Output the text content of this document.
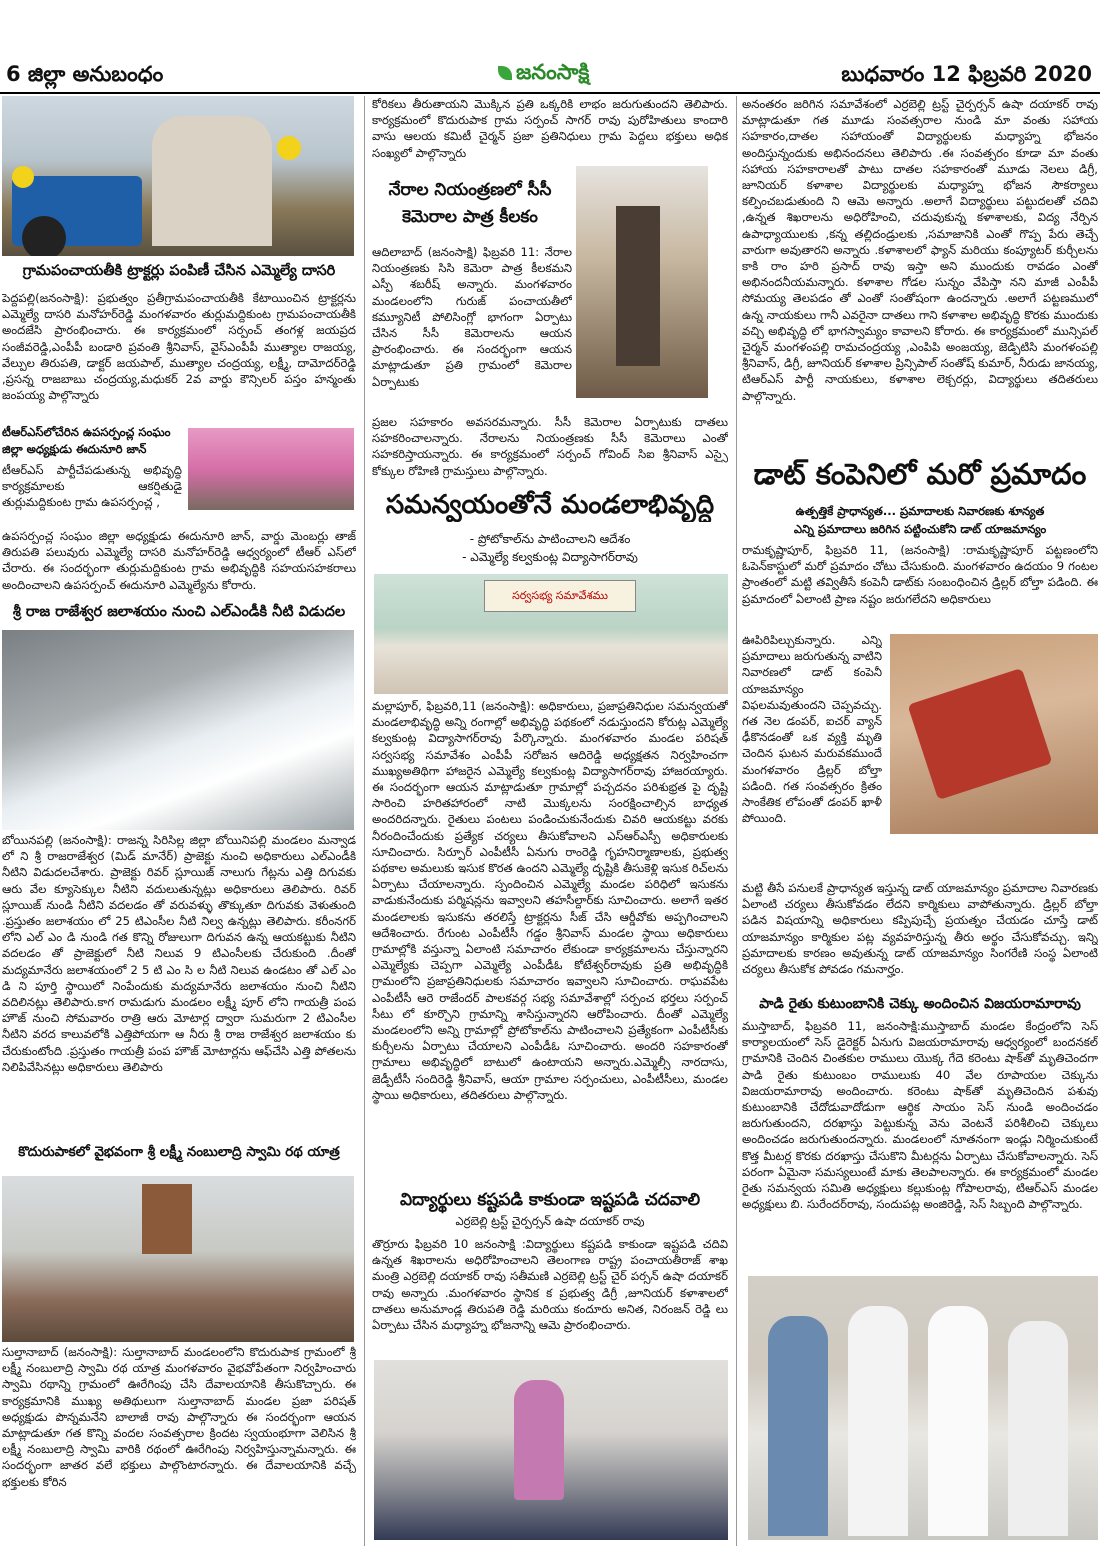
6 జిల్లా అనుబంధం	జనంసాక్షి	బుధవారం 12 ఫిబ్రవరి 2020

గ్రామపంచాయతీకి ట్రాక్టర్లు పంపిణీ చేసిన ఎమ్మెల్యే దాసరి

పెద్దపల్లి(జనంసాక్షి): ప్రభుత్వం ప్రతీగ్రామపంచాయతీకి కేటాయించిన ట్రాక్టర్లను ఎమ్మెల్యే దాసరి మనోహర్‌రెడ్డి మంగళవారం తుర్లుమద్దికుంట గ్రామపంచాయతీకి అందజేసి ప్రారంభించారు. ఈ కార్యక్రమంలో సర్పంచ్ తంగళ్ల జయప్రద సంజీవరెడ్డి,ఎంపీపీ బండారి ప్రవంతి శ్రీనివాస్, వైస్ఎంపీపీ ముత్యాల రాజయ్య, వేల్పుల తిరుపతి, డాక్టర్ జయపాల్, ముత్యాల చంద్రయ్య, లక్ష్మీ, దామోదర్‌రెడ్డి ,ప్రసన్న రాజబాబు చంద్రయ్య,మధుకర్ 2వ వార్డు కౌన్సిలర్ పస్తం హన్మంతు జంపయ్య పాల్గొన్నారు

టీఆర్ఎస్‌లోచేరిన ఉపసర్పంచ్ల సంఘం జిల్లా అధ్యక్షుడు ఈదునూరి జాన్

టీఆర్ఎస్ పార్టీచేపడుతున్న అభివృద్ధి కార్యక్రమాలకు ఆకర్షితుడై తుర్లుమద్దికుంట గ్రామ ఉపసర్పంచ్ల ,

ఉపసర్పంచ్ల సంఘం జిల్లా అధ్యక్షుడు ఈదునూరి జాన్, వార్డు మెంబర్లు తాజ్ తిరుపతి పలువురు ఎమ్మెల్యే దాసరి మనోహర్‌రెడ్డి ఆధ్వర్యంలో టీఆర్ ఎస్‌లో చేరారు. ఈ సందర్భంగా తుర్లుమద్దికుంట గ్రామ అభివృద్ధికి సహయసహకరాలు అందించాలని ఉపసర్పంచ్ ఈదునూరి ఎమ్మెల్యేను కోరారు.

శ్రీ రాజ రాజేశ్వర జలాశయం నుంచి ఎల్ఎండీకి నీటి విడుదల

బోయినపల్లి (జనంసాక్షి): రాజన్న సిరిసిల్ల జిల్లా బోయినిపల్లి మండలం మన్వాడ లో ని శ్రీ రాజరాజేశ్వర (మిడ్ మానేర్) ప్రాజెక్టు నుంచి అధికారులు ఎల్ఎండీకి నీటిని విడుదలచేశారు. ప్రాజెక్టు రివర్ స్లూయిజ్ నాలుగు గేట్లను ఎత్తి దిగువకు ఆరు వేల క్యూసెక్కుల నీటిని వదులుతున్నట్లు అధికారులు తెలిపారు. రివర్ స్లూయిజ్ నుండి నీటిని వదలడం తో వరువళ్ళు తొక్కుతూ దిగువకు వెళుతుంది .ప్రస్తుతం జలాశయం లో 25 టిఎంసీల నీటి నిల్వ ఉన్నట్లు తెలిపారు. కరీంనగర్ లోని ఎల్ ఎం డి నుండి గత కొన్ని రోజులుగా దిగువన ఉన్న ఆయకట్టుకు నీటిని వదలడం తో ప్రాజెక్టులో నీటి నిలువ 9 టిఎంసీలకు చేరుకుంది .దీంతో మద్యమానేరు జలాశయంలో 2 5 టి ఎం సి ల నీటి నిలువ ఉండటం తో ఎల్ ఎం డి ని పూర్తి స్థాయిలో నింపేందుకు మద్యమానేరు జలాశయం నుంచి నీటిని వదిలినట్లు తెలిపారు.కాగ రామడుగు మండలం లక్ష్మీ పూర్ లోని గాయత్రీ పంప హౌజ్ నుంచి సోమవారం రాత్రి ఆరు మోటార్ల ద్వారా సుమరుగా 2 టిఎంసీల నీటిని వరద కాలువలోకి ఎత్తిపోయగా ఆ నీరు శ్రీ రాజ రాజేశ్వర జలాశయం కు చేరుకుంటోంది .ప్రస్తుతం గాయత్రీ పంప హౌజ్ మోటార్లను ఆఫ్‌చేసి ఎత్తి పోతలను నిలిపివేసినట్లు అధికారులు తెలిపారు

కొదురుపాకలో వైభవంగా శ్రీ లక్ష్మీ నంబులాద్రి స్వామి రథ యాత్ర

సుల్తానాబాద్ (జనంసాక్షి): సుల్తానాబాద్ మండలంలోని కొదురుపాక గ్రామంలో శ్రీ లక్ష్మీ నంబులాద్రి స్వామి రథ యాత్ర మంగళవారం వైభవోపేతంగా నిర్వహించారు స్వామి రథాన్ని గ్రామంలో ఊరేగింపు చేసి దేవాలయానికి తీసుకొచ్చారు. ఈ కార్యక్రమానికి ముఖ్య అతిథులుగా సుల్తానాబాద్ మండల ప్రజా పరిషత్ అధ్యక్షుడు పొన్నమనేని బాలాజీ రావు పాల్గొన్నారు ఈ సందర్భంగా ఆయన మాట్లాడుతూ గత కొన్ని వందల సంవత్సరాల క్రిందట స్వయంభూగా వెలిసిన శ్రీ లక్ష్మీ నంబులాద్రి స్వామి వారికి రథంలో ఊరేగింపు నిర్వహిస్తున్నామన్నారు. ఈ సందర్భంగా జాతర వలే భక్తులు పాల్గొంటారన్నారు. ఈ దేవాలయానికి వచ్చే భక్తులకు కోరిన

కోరికలు తీరుతాయని మొక్కిన ప్రతి ఒక్కరికి లాభం జరుగుతుందని తెలిపారు. కార్యక్రమంలో కొదురుపాక గ్రామ సర్పంచ్ సాగర్ రావు పురోహితులు కాందారి వాసు ఆలయ కమిటీ చైర్మన్ ప్రజా ప్రతినిధులు గ్రామ పెద్దలు భక్తులు అధిక సంఖ్యలో పాల్గొన్నారు

నేరాల నియంత్రణలో సీసీ

కెమెరాల పాత్ర కీలకం

ఆదిలాబాద్ (జనంసాక్షి) ఫిబ్రవరి 11: నేరాల నియంత్రణకు సిసి కెమెరా పాత్ర కీలకమని ఎస్పీ శబరీష్ అన్నారు. మంగళవారం మండలంలోని గురుజ్ పంచాయతీలో కమ్యూనిటీ పోలిసింగ్లో భాగంగా ఏర్పాటు చేసిన సీసీ కెమెరాలను ఆయన ప్రారంభించారు. ఈ సందర్భంగా ఆయన మాట్లాడుతూ ప్రతి గ్రామంలో కెమెరాల ఏర్పాటుకు

ప్రజల సహకారం అవసరమన్నారు. సీసీ కెమెరాల ఏర్పాటుకు దాతలు సహకరించాలన్నారు. నేరాలను నియంత్రణకు సీసీ కెమెరాలు ఎంతో సహకరిస్తాయన్నారు. ఈ కార్యక్రమంలో సర్పంచ్ గోవింద్ సిఐ శ్రీనివాస్ ఎస్సై కోక్కుల రోహిణి గ్రామస్తులు పాల్గొన్నారు.

సమన్వయంతోనే మండలాభివృద్ధి

- ప్రోటోకాల్‌ను పాటించాలని ఆదేశం

- ఎమ్మెల్యే కల్వకుంట్ల విద్యాసాగర్‌రావు

సర్వసభ్య సమావేశము

మల్లాపూర్, ఫిబ్రవరి,11 (జనంసాక్షి): అధికారులు, ప్రజాప్రతినిధుల సమన్వయతో మండలాభివృద్ధి అన్ని రంగాల్లో అభివృద్ధి పథకంలో నడుస్తుందని కోరుట్ల ఎమ్మెల్యే కల్వకుంట్ల విద్యాసాగర్‌రావు పేర్కొన్నారు. మంగళవారం మండల పరిషత్ సర్వసభ్య సమావేశం ఎంపీపీ సరోజన ఆదిరెడ్డి అధ్యక్షతన నిర్వహించగా ముఖ్యఅతిథిగా హాజరైన ఎమ్మెల్యే కల్వకుంట్ల విద్యాసాగర్‌రావు హాజరయ్యారు. ఈ సందర్భంగా ఆయన మాట్లాడుతూ గ్రామాల్లో పచ్చదనం పరిశుభ్రత పై దృష్టి సారించి హరితహారంలో నాటి మొక్కలను సంరక్షించాల్సిన బాధ్యత అందరిదన్నారు. రైతులు పంటలు పండించుకునేందుకు చివరి ఆయకట్టు వరకు నీరందించేందుకు ప్రత్యేక చర్యలు తీసుకోవాలని ఎస్ఆర్ఎస్పీ అధికారులకు సూచించారు. సిర్పూర్ ఎంపీటీసీ ఏనుగు రాంరెడ్డి గృహనిర్మాణాలకు, ప్రభుత్వ పథకాల అమలుకు ఇసుక కొరత ఉందని ఎమ్మెల్యే దృష్టికి తీసుకెళ్లి ఇసుక రిచ్‌లను ఏర్పాటు చేయాలన్నారు. స్పందించిన ఎమ్మెల్యే మండల పరిధిలో ఇసుకను వాడుకునేందుకు పర్మిషన్లను ఇవ్వాలని తహసీల్దార్‌కు సూచించారు. అలాగే ఇతర మండలాలకు ఇసుకను తరలిస్తే ట్రాక్టర్లను సీజ్ చేసి ఆర్డీవోకు అప్పగించాలని ఆదేశించారు. రేగుంట ఎంపీటీసీ గడ్డం శ్రీనివాస్ మండల స్థాయి అధికారులు గ్రామాల్లోకి వస్తున్నా ఏలాంటి సమాచారం లేకుండా కార్యక్రమాలను చేస్తున్నారని ఎమ్మెల్యేకు చెప్పగా ఎమ్మెల్యే ఎంపీడీఓ కోటేశ్వర్‌రావుకు ప్రతి అభివృద్ధికి గ్రామంలోని ప్రజాప్రతినిధులకు సమాచారం ఇవ్వాలని సూచించారు. రాఘవపేట ఎంపీటీసీ ఆరె రాజేందర్ పాలకవర్గ సభ్య సమావేశాల్లో సర్పంచ భర్తలు సర్పంచ్ సీటు లో కూర్చొని గ్రామాన్ని శాసిస్తున్నారని ఆరోపించారు. దీంతో ఎమ్మెల్యే మండలంలోని అన్ని గ్రామాల్లో ప్రోటోకాల్‌ను పాటించాలని ప్రత్యేకంగా ఎంపీటీసీకు కుర్చీలను ఏర్పాటు చేయాలని ఎంపీడీఓ సూచించారు. అందరి సహకారంతో గ్రామాలు అభివృద్ధిలో బాటులో ఉంటాయని అన్నారు.ఎమ్మెల్సీ నారదాసు, జెడ్పీటీసీ సందిరెడ్డి శ్రీనివాస్, ఆయా గ్రామాల సర్పంచులు, ఎంపీటీసీలు, మండల స్థాయి అధికారులు, తదితరులు పాల్గొన్నారు.

విద్యార్థులు కష్టపడి కాకుండా ఇష్టపడి చదవాలి

ఎర్రబెల్లి ట్రస్ట్ చైర్పర్సన్ ఉషా దయాకర్ రావు

తొర్రూరు ఫిబ్రవరి 10 జనంసాక్షి :విద్యార్థులు కష్టపడి కాకుండా ఇష్టపడి చదివి ఉన్నత శిఖరాలను అధిరోహించాలని తెలంగాణ రాష్ట్ర పంచాయతీరాజ్ శాఖ మంత్రి ఎర్రబెల్లి దయాకర్ రావు సతీమణి ఎర్రబెల్లి ట్రస్ట్ చైర్ పర్సన్ ఉషా దయాకర్ రావు అన్నారు .మంగళవారం స్థానిక క ప్రభుత్వ డిగ్రీ ,జూనియర్ కళాశాలలో దాతలు అనుమాండ్ల తిరుపతి రెడ్డి మరియు కందూరు అనిత, నిరంజన్ రెడ్డి లు ఏర్పాటు చేసిన మధ్యాహ్న భోజనాన్ని ఆమె ప్రారంభించారు.

అనంతరం జరిగిన సమావేశంలో ఎర్రబెల్లి ట్రస్ట్ చైర్పర్సన్ ఉషా దయాకర్ రావు మాట్లాడుతూ గత మూడు సంవత్సరాల నుండి మా వంతు సహాయ సహకారం,దాతల సహాయంతో విద్యార్థులకు మధ్యాహ్న భోజనం అందిస్తున్నందుకు అభినందనలు తెలిపారు .ఈ సంవత్సరం కూడా మా వంతు సహాయ సహకారాలతో పాటు దాతల సహకారంతో మూడు నెలలు డిగ్రీ, జూనియర్ కళాశాల విద్యార్థులకు మధ్యాహ్న భోజన సౌకర్యాలు కల్పించబడుతుంది ని ఆమె అన్నారు .అలాగే విద్యార్థులు పట్టుదలతో చదివి ,ఉన్నత శిఖరాలను అధిరోహించి, చదువుకున్న కళాశాలకు, విద్య నేర్పిన ఉపాధ్యాయులకు ,కన్న తల్లిదండ్రులకు ,సమాజానికి ఎంతో గొప్ప పేరు తెచ్చే వారుగా అవుతారని అన్నారు .కళాశాలలో ఫ్యాన్ మరియు కంప్యూటర్ కుర్చీలను కాకి రాం హరి ప్రసాద్ రావు ఇస్తా అని ముందుకు రావడం ఎంతో అభినందనీయమన్నారు. కళాశాల గోడల సున్నం వేపిస్తా నని మాజీ ఎంపీపీ సోమయ్య తెలపడం తో ఎంతో సంతోషంగా ఉందన్నారు .అలాగే పట్టణములో ఉన్న నాయకులు గానీ ఎవరైనా దాతలు గాని కళాశాల అభివృద్ధి కొరకు ముందుకు వచ్చి అభివృద్ధి లో భాగస్వామ్యం కావాలని కోరారు. ఈ కార్యక్రమంలో మున్సిపల్ చైర్మన్ మంగళంపల్లి రామచంద్రయ్య ,ఎంపిపి అంజయ్య, జెడ్పిటిసి మంగళంపల్లి శ్రీనివాస్, డిగ్రీ, జూనియర్ కళాశాల ప్రిన్సిపాల్ సంతోష్ కుమార్, నీరుడు జానయ్య, టిఆర్ఎస్ పార్టీ నాయకులు, కళాశాల లెక్చరర్లు, విద్యార్థులు తదితరులు పాల్గొన్నారు.

డాట్ కంపెనిలో మరో ప్రమాదం

ఉత్పత్తికే ప్రాధాన్యత... ప్రమాదాలకు నివారణకు శూన్యత

ఎన్ని ప్రమాదాలు జరిగిన పట్టించుకోని డాట్ యాజమాన్యం

రామకృష్ణాపూర్, ఫిబ్రవరి 11, (జనంసాక్షి) :రామకృష్ణాపూర్ పట్టణంలోని ఓపెన్‌కాస్టులో మరో ప్రమాదం చోటు చేసుకుంది. మంగళవారం ఉదయం 9 గంటల ప్రాంతంలో మట్టి తవ్వితీసే కంపెనీ డాట్‌కు సంబంధించిన డ్రిల్లర్ బోల్తా పడింది. ఈ ప్రమాదంలో ఏలాంటి ప్రాణ నష్టం జరుగలేదని అధికారులు

ఊపిరిపిల్చుకున్నారు. ఎన్ని ప్రమాదాలు జరుగుతున్న వాటిని నివారణలో డాట్ కంపెనీ యాజమాన్యం విఫలమవుతుందని చెప్పవచ్చు. గత నెల డంపర్, ఐచర్ వ్యాన్ ఢీకొనడంతో ఒక వ్యక్తి మృతి చెందిన ఘటన మరువకముందే మంగళవారం డ్రిల్లర్ బోల్తా పడింది. గత సంవత్సరం క్రితం సాంకేతిక లోపంతో డంపర్ ఖాళీ పోయింది.

మట్టి తీసే పనులకే ప్రాధాన్యత ఇస్తున్న డాట్ యాజమాన్యం ప్రమాదాల నివారణకు ఏలాంటి చర్యలు తీసుకోవడం లేదని కార్మికులు వాపోతున్నారు. డ్రిల్లర్ బోల్తా పడిన విషయాన్ని అధికారులు కప్పిపుచ్చే ప్రయత్నం చేయడం చూస్తే డాట్ యాజమాన్యం కార్మికుల పట్ల వ్యవహరిస్తున్న తీరు అర్థం చేసుకోవచ్చు. ఇన్ని ప్రమాదాలకు కారణం అవుతున్న డాట్ యాజమాన్యం సింగరేణి సంస్థ ఏలాంటి చర్యలు తీసుకోక పోవడం గమనార్హం.

పాడి రైతు కుటుంబానికి చెక్కు అందించిన విజయరామారావు

ముస్తాబాద్, ఫిబ్రవరి 11, జనంసాక్షి:ముస్తాబాద్ మండల కేంద్రంలోని సెస్ కార్యాలయంలో సెస్ డైరెక్టర్ ఏనుగు విజయరామారావు ఆధ్వర్యంలో బందనకల్ గ్రామానికి చెందిన చింతకుల రాములు యొక్క గేదె కరెంటు షాక్‌తో మృతిచెందగా పాడి రైతు కుటుంబం రాములుకు 40 వేల రూపాయల చెక్కును విజయరామారావు అందించారు. కరెంటు షాక్‌తో మృతిచెందిన పశువు కుటుంబానికి చేదోడువాదోడుగా ఆర్థిక సాయం సెస్ నుండి అందించడం జరుగుతుందని, దరఖాస్తు పెట్టుకున్న వెను వెంటనే పరిశీలించి చెక్కులు అందించడం జరుగుతుందన్నారు. మండలంలో నూతనంగా ఇండ్లు నిర్మించుకుంటే కొత్త మీటర్ల కొరకు దరఖాస్తు చేసుకొని మీటర్లను ఏర్పాటు చేసుకోవాలన్నారు. సెస్ పరంగా ఏమైనా సమస్యలుంటే మాకు తెలపాలన్నారు. ఈ కార్యక్రమంలో మండల రైతు సమన్వయ సమితి అధ్యక్షులు కల్లుకుంట్ల గోపాలరావు, టిఆర్ఎస్ మండల అధ్యక్షులు బి. సురేందర్‌రావు, సందుపట్ల అంజిరెడ్డి, సెస్ సిబ్బంది పాల్గొన్నారు.
